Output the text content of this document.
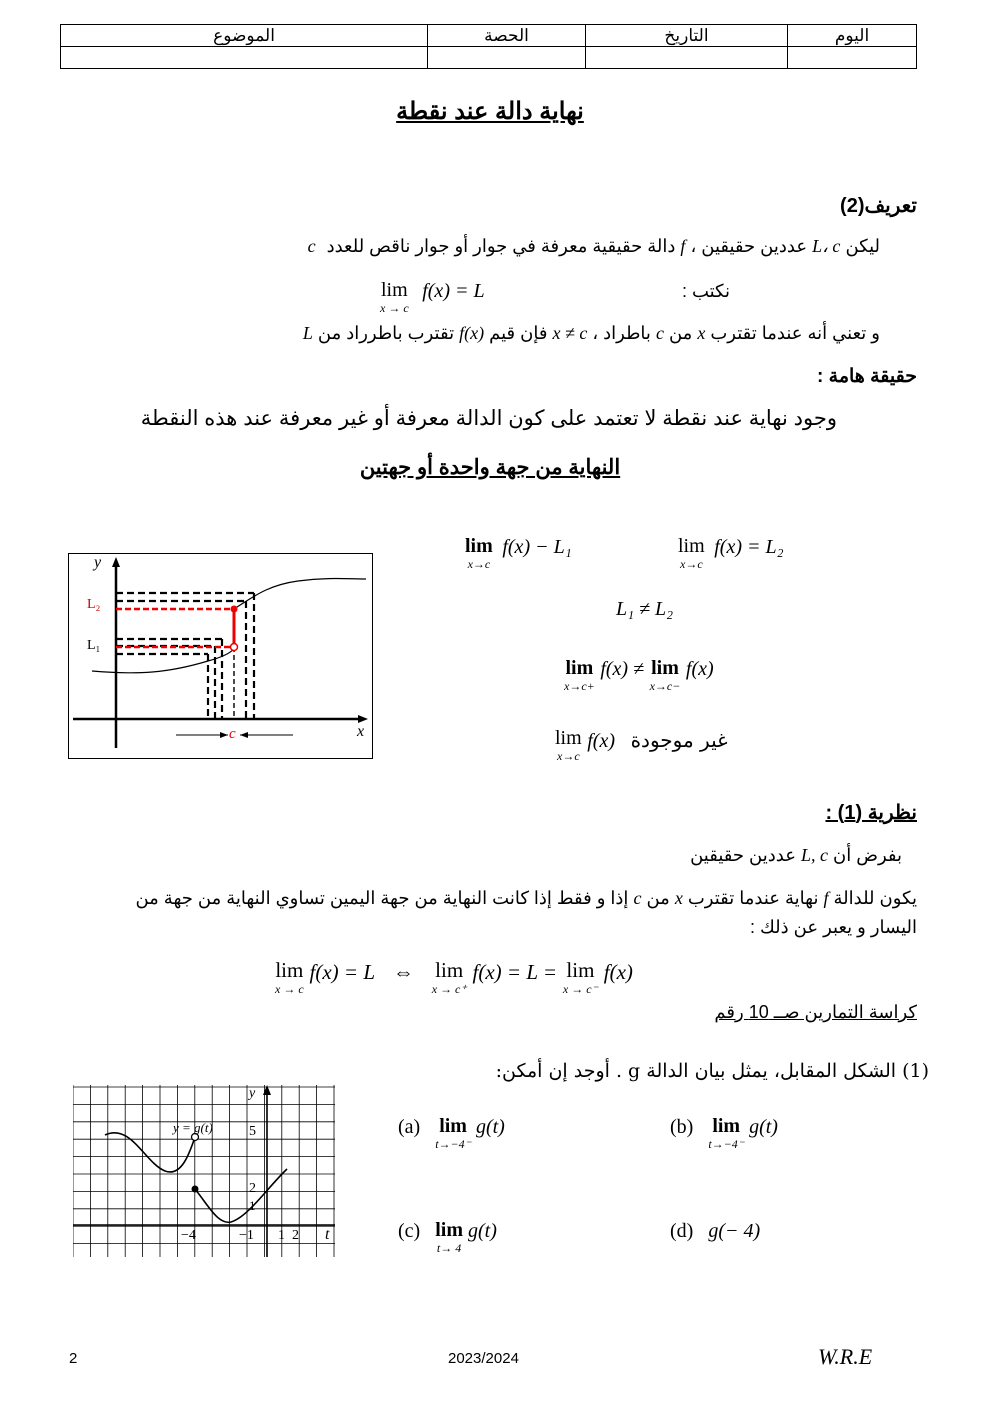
اليوم	التاريخ	الحصة	الموضوع

نهاية دالة عند نقطة
تعريف(2)
ليكن L، c عددين حقيقين ، f دالة حقيقية معرفة في جوار أو جوار ناقص للعدد c
نكتب :
lim
x → c
f(x) = L
و تعني أنه عندما تقترب x من c باطراد ، x ≠ c فإن قيم f(x) تقترب باطرراد من L
حقيقة هامة :
وجود نهاية عند نقطة لا تعتمد على كون الدالة معرفة أو غير معرفة عند هذه النقطة
النهاية من جهة واحدة أو جهتين
y
x
L₂
L₁
c
lim
x→c
f(x) − L₁	lim
x→c
f(x) = L₂
L₁ ≠ L₂
lim
x→c+
f(x) ≠ lim
x→c−
f(x)
lim
x→c
f(x) غير موجودة
نظرية (1) :
بفرض أن L, c عددين حقيقين
يكون للدالة f نهاية عندما تقترب x من c إذا و فقط إذا كانت النهاية من جهة اليمين تساوي النهاية من جهة من
اليسار و يعبر عن ذلك :
lim
x → c
f(x) = L ⇔ lim
x → c⁺
f(x) = L = lim
x → c⁻
f(x)
كراسة التمارين صــ 10 رقم
(1) الشكل المقابل، يمثل بيان الدالة g . أوجد إن أمكن:
y
t
y = g(t)	5
2
1
−4	−1 1 2
(a) lim
t→−4⁻
g(t)	(b) lim
t→−4⁻
g(t)
(c) lim
t→ 4
g(t)	(d) g(− 4)
2	2023/2024	W.R.E
